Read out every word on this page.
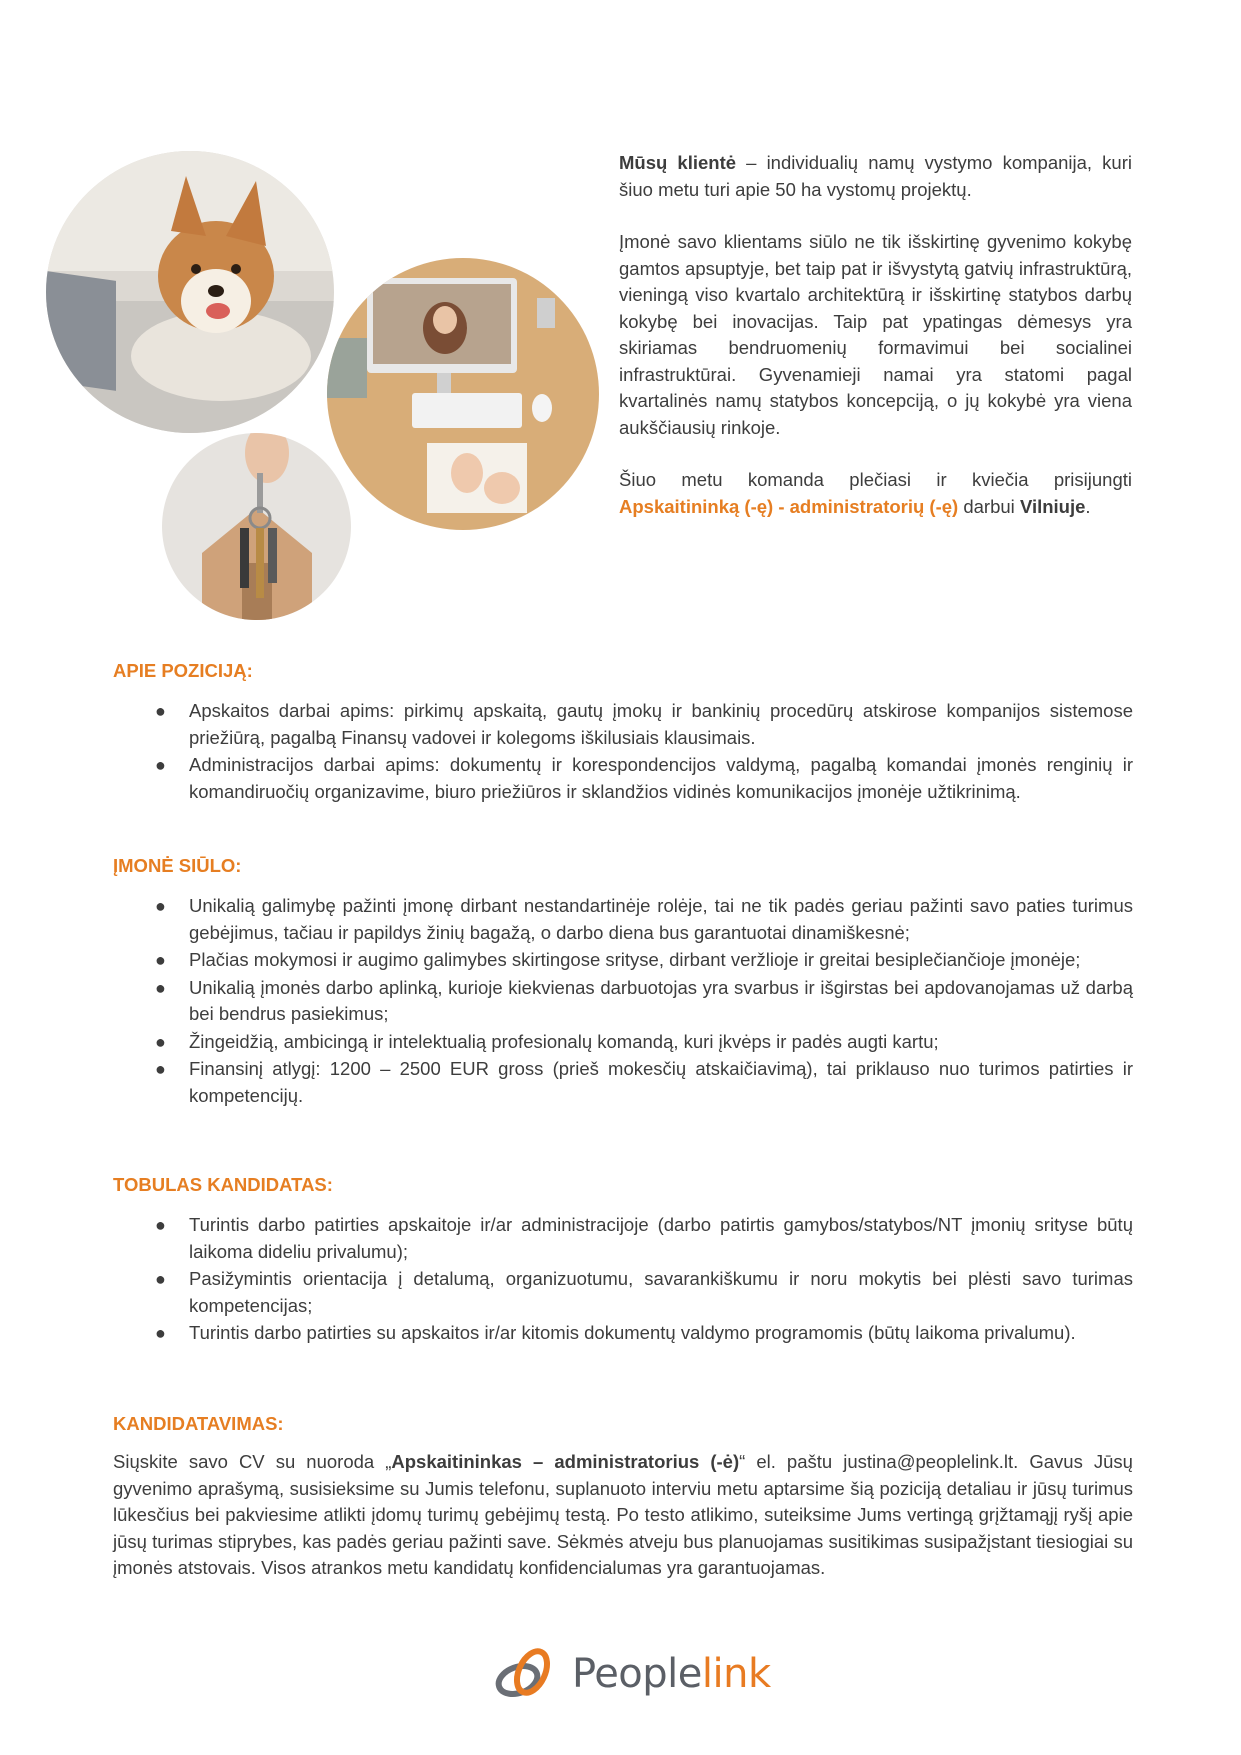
Mūsų klientė – individualių namų vystymo kompanija, kuri šiuo metu turi apie 50 ha vystomų projektų.

Įmonė savo klientams siūlo ne tik išskirtinę gyvenimo kokybę gamtos apsuptyje, bet taip pat ir išvystytą gatvių infrastruktūrą, vieningą viso kvartalo architektūrą ir išskirtinę statybos darbų kokybę bei inovacijas. Taip pat ypatingas dėmesys yra skiriamas bendruomenių formavimui bei socialinei infrastruktūrai. Gyvenamieji namai yra statomi pagal kvartalinės namų statybos koncepciją, o jų kokybė yra viena aukščiausių rinkoje.

Šiuo metu komanda plečiasi ir kviečia prisijungti Apskaitininką (-ę) - administratorių (-ę) darbui Vilniuje.

APIE POZICIJĄ:
● Apskaitos darbai apims: pirkimų apskaitą, gautų įmokų ir bankinių procedūrų atskirose kompanijos sistemose priežiūrą, pagalbą Finansų vadovei ir kolegoms iškilusiais klausimais.
● Administracijos darbai apims: dokumentų ir korespondencijos valdymą, pagalbą komandai įmonės renginių ir komandiruočių organizavime, biuro priežiūros ir sklandžios vidinės komunikacijos įmonėje užtikrinimą.
ĮMONĖ SIŪLO:
● Unikalią galimybę pažinti įmonę dirbant nestandartinėje rolėje, tai ne tik padės geriau pažinti savo paties turimus gebėjimus, tačiau ir papildys žinių bagažą, o darbo diena bus garantuotai dinamiškesnė;
● Plačias mokymosi ir augimo galimybes skirtingose srityse, dirbant veržlioje ir greitai besiplečiančioje įmonėje;
● Unikalią įmonės darbo aplinką, kurioje kiekvienas darbuotojas yra svarbus ir išgirstas bei apdovanojamas už darbą bei bendrus pasiekimus;
● Žingeidžią, ambicingą ir intelektualią profesionalų komandą, kuri įkvėps ir padės augti kartu;
● Finansinį atlygį: 1200 – 2500 EUR gross (prieš mokesčių atskaičiavimą), tai priklauso nuo turimos patirties ir kompetencijų.
TOBULAS KANDIDATAS:
● Turintis darbo patirties apskaitoje ir/ar administracijoje (darbo patirtis gamybos/statybos/NT įmonių srityse būtų laikoma dideliu privalumu);
● Pasižymintis orientacija į detalumą, organizuotumu, savarankiškumu ir noru mokytis bei plėsti savo turimas kompetencijas;
● Turintis darbo patirties su apskaitos ir/ar kitomis dokumentų valdymo programomis (būtų laikoma privalumu).
KANDIDATAVIMAS:

Siųskite savo CV su nuoroda „Apskaitininkas – administratorius (-ė)“ el. paštu justina@peoplelink.lt. Gavus Jūsų gyvenimo aprašymą, susisieksime su Jumis telefonu, suplanuoto interviu metu aptarsime šią poziciją detaliau ir jūsų turimus lūkesčius bei pakviesime atlikti įdomų turimų gebėjimų testą. Po testo atlikimo, suteiksime Jums vertingą grįžtamąjį ryšį apie jūsų turimas stiprybes, kas padės geriau pažinti save. Sėkmės atveju bus planuojamas susitikimas susipažįstant tiesiogiai su įmonės atstovais. Visos atrankos metu kandidatų konfidencialumas yra garantuojamas.

Peoplelink
